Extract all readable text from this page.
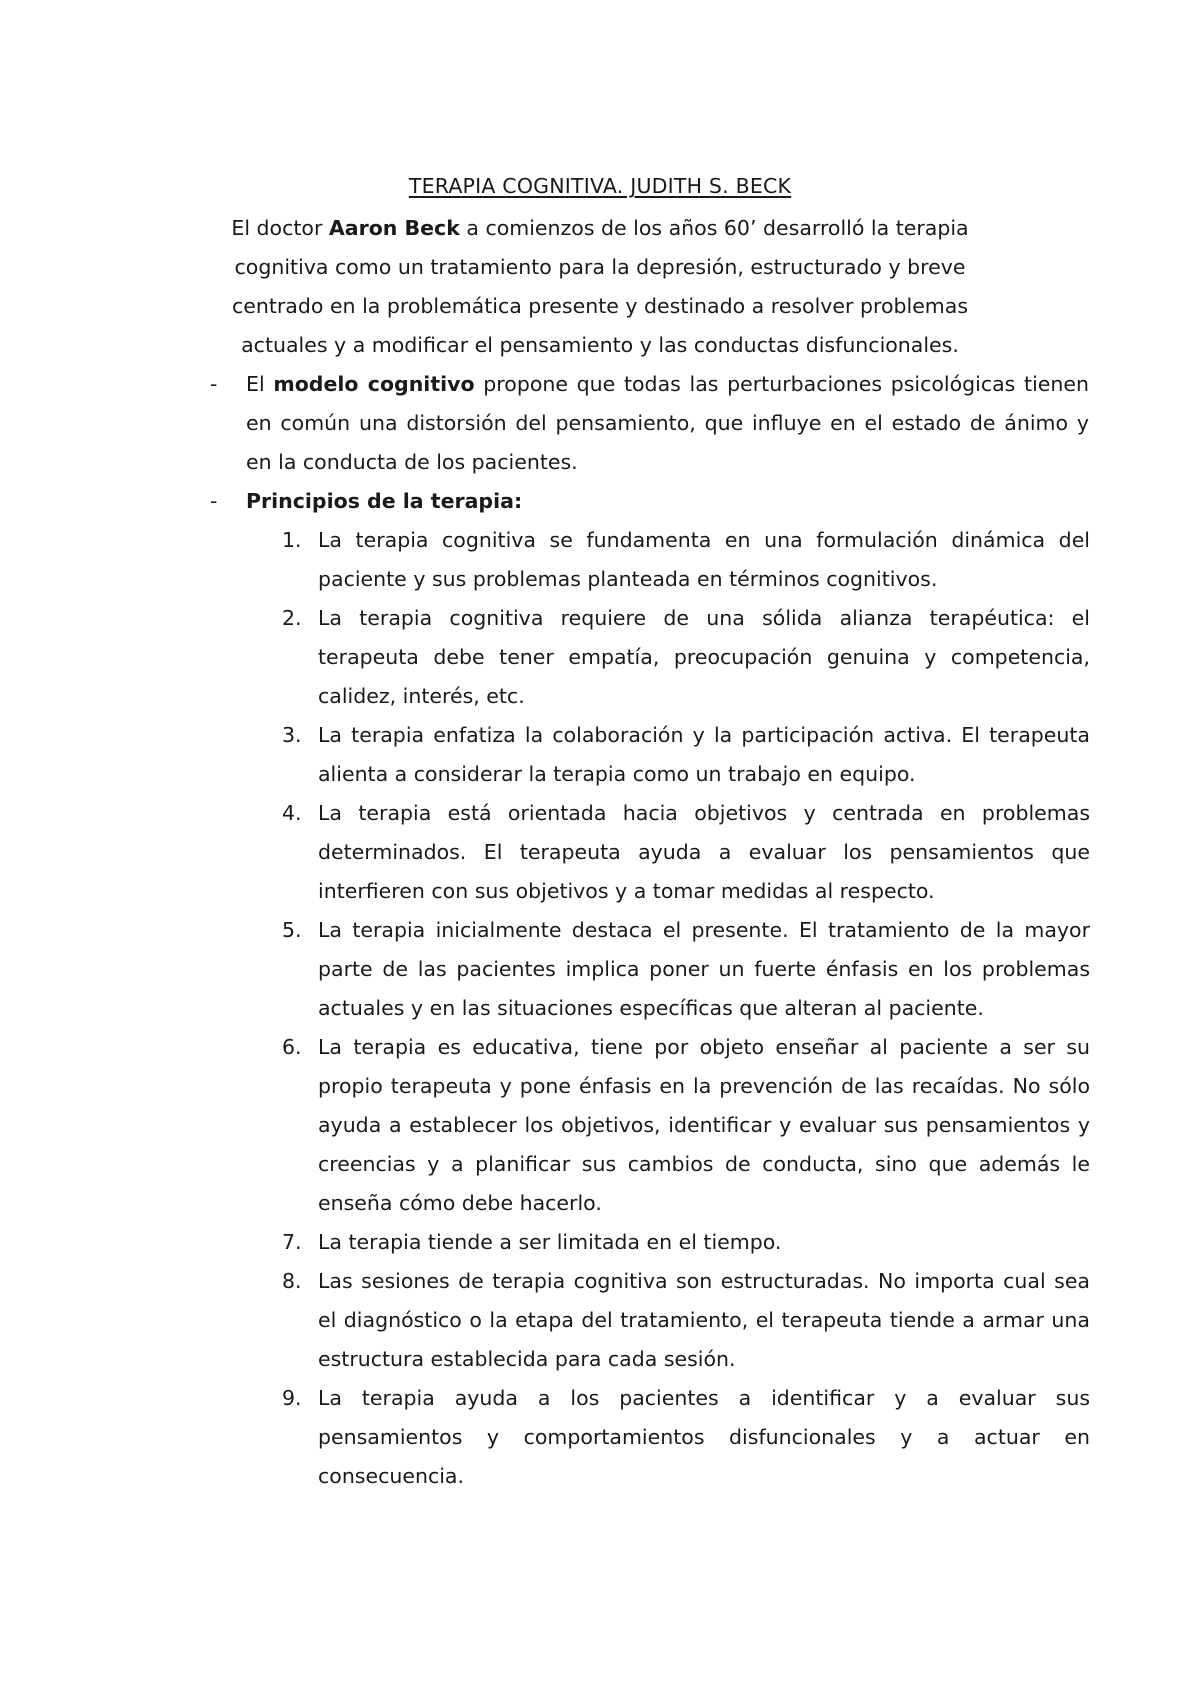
TERAPIA COGNITIVA. JUDITH S. BECK

El doctor Aaron Beck a comienzos de los años 60’ desarrolló la terapia cognitiva como un tratamiento para la depresión, estructurado y breve centrado en la problemática presente y destinado a resolver problemas actuales y a modificar el pensamiento y las conductas disfuncionales.

- El modelo cognitivo propone que todas las perturbaciones psicológicas tienen en común una distorsión del pensamiento, que influye en el estado de ánimo y en la conducta de los pacientes.
- Principios de la terapia:
1. La terapia cognitiva se fundamenta en una formulación dinámica del paciente y sus problemas planteada en términos cognitivos.
2. La terapia cognitiva requiere de una sólida alianza terapéutica: el terapeuta debe tener empatía, preocupación genuina y competencia, calidez, interés, etc.
3. La terapia enfatiza la colaboración y la participación activa. El terapeuta alienta a considerar la terapia como un trabajo en equipo.
4. La terapia está orientada hacia objetivos y centrada en problemas determinados. El terapeuta ayuda a evaluar los pensamientos que interfieren con sus objetivos y a tomar medidas al respecto.
5. La terapia inicialmente destaca el presente. El tratamiento de la mayor parte de las pacientes implica poner un fuerte énfasis en los problemas actuales y en las situaciones específicas que alteran al paciente.
6. La terapia es educativa, tiene por objeto enseñar al paciente a ser su propio terapeuta y pone énfasis en la prevención de las recaídas. No sólo ayuda a establecer los objetivos, identificar y evaluar sus pensamientos y creencias y a planificar sus cambios de conducta, sino que además le enseña cómo debe hacerlo.
7. La terapia tiende a ser limitada en el tiempo.
8. Las sesiones de terapia cognitiva son estructuradas. No importa cual sea el diagnóstico o la etapa del tratamiento, el terapeuta tiende a armar una estructura establecida para cada sesión.
9. La terapia ayuda a los pacientes a identificar y a evaluar sus pensamientos y comportamientos disfuncionales y a actuar en consecuencia.
